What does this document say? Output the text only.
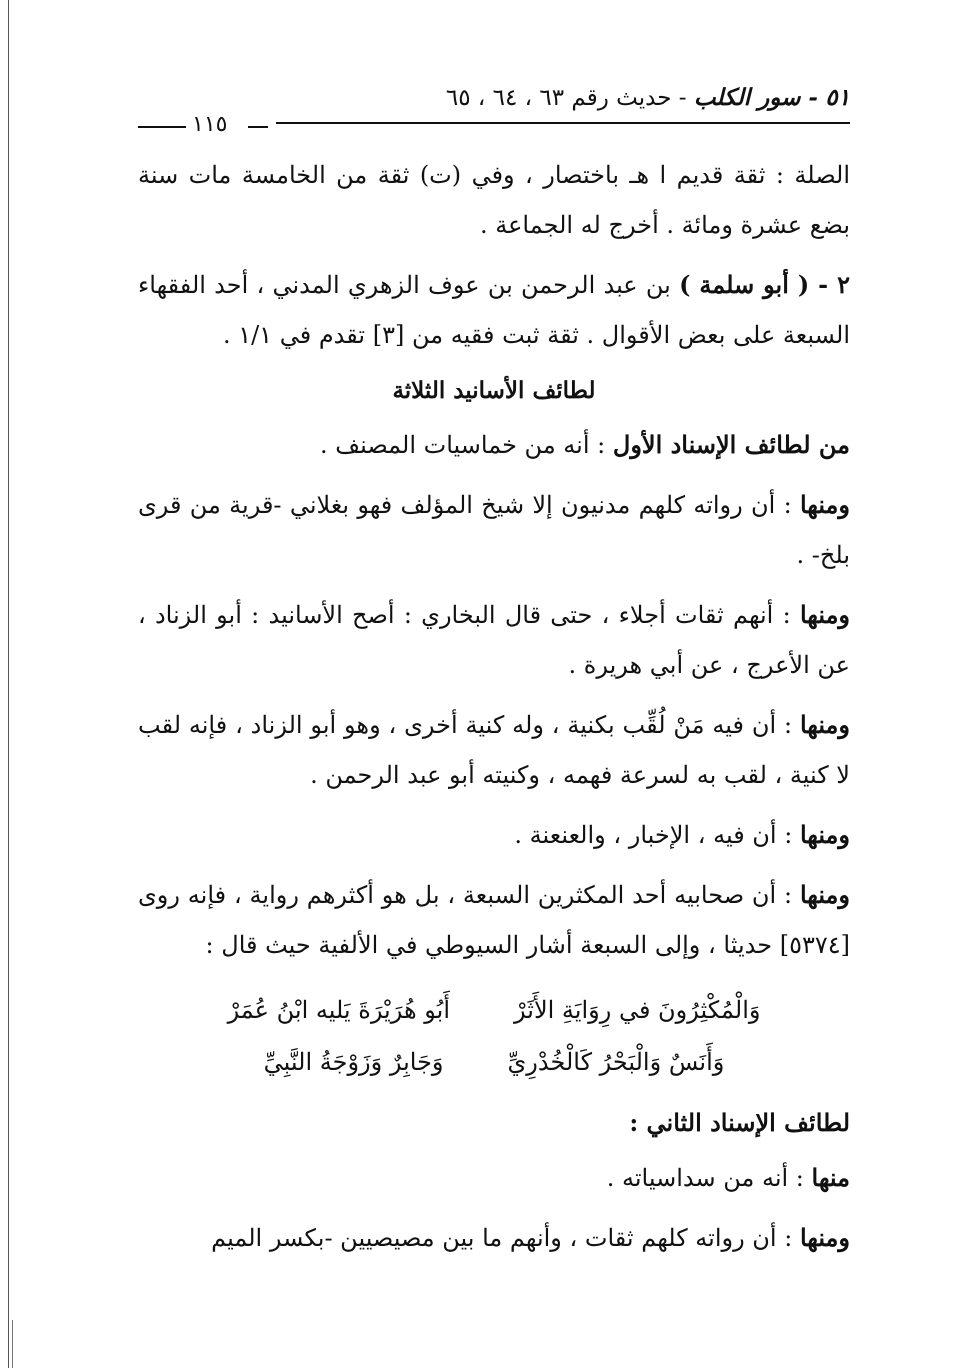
٥١ - سور الكلب - حديث رقم ٦٣ ، ٦٤ ، ٦٥
١١٥

الصلة : ثقة قديم ا هـ باختصار ، وفي (ت) ثقة من الخامسة مات سنة بضع عشرة ومائة . أخرج له الجماعة .

٢ - ( أبو سلمة ) بن عبد الرحمن بن عوف الزهري المدني ، أحد الفقهاء السبعة على بعض الأقوال . ثقة ثبت فقيه من [٣] تقدم في ١/١ .

لطائف الأسانيد الثلاثة

من لطائف الإسناد الأول : أنه من خماسيات المصنف .

ومنها : أن رواته كلهم مدنيون إلا شيخ المؤلف فهو بغلاني -قرية من قرى بلخ- .

ومنها : أنهم ثقات أجلاء ، حتى قال البخاري : أصح الأسانيد : أبو الزناد ، عن الأعرج ، عن أبي هريرة .

ومنها : أن فيه مَنْ لُقِّب بكنية ، وله كنية أخرى ، وهو أبو الزناد ، فإنه لقب لا كنية ، لقب به لسرعة فهمه ، وكنيته أبو عبد الرحمن .

ومنها : أن فيه ، الإخبار ، والعنعنة .

ومنها : أن صحابيه أحد المكثرين السبعة ، بل هو أكثرهم رواية ، فإنه روى [٥٣٧٤] حديثا ، وإلى السبعة أشار السيوطي في الألفية حيث قال :

وَالْمُكْثِرُونَ في رِوَايَةِ الأَثَرْ
أَبُو هُرَيْرَةَ يَليه ابْنُ عُمَرْ
وَأَنَسٌ وَالْبَحْرُ كَالْخُدْرِيِّ
وَجَابِرٌ وَزَوْجَةُ النَّبِيِّ

لطائف الإسناد الثاني :

منها : أنه من سداسياته .

ومنها : أن رواته كلهم ثقات ، وأنهم ما بين مصيصيين -بكسر الميم
